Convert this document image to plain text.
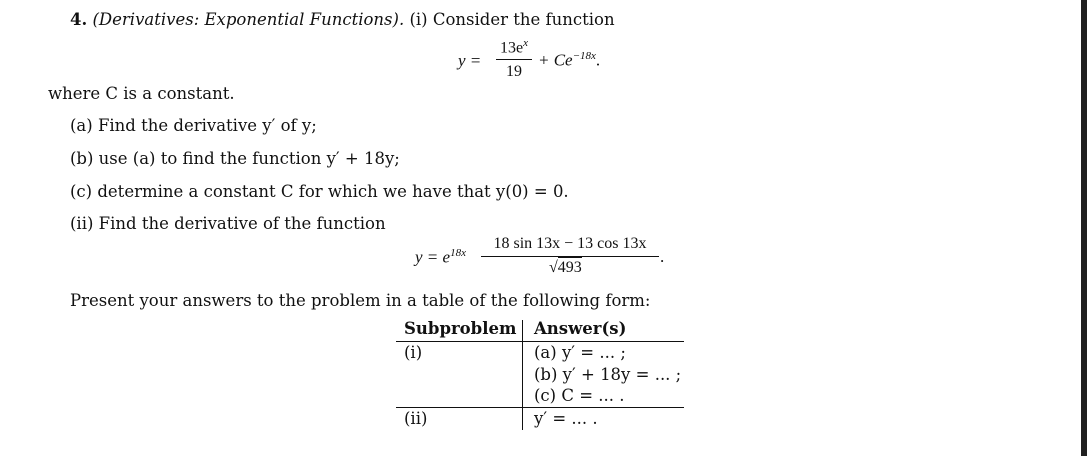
4. (Derivatives: Exponential Functions). (i) Consider the function
y =
$13e^x$
19
+ $Ce^{-18x}$.
where C is a constant.
(a) Find the derivative y′ of y;
(b) use (a) to find the function y′ + 18y;
(c) determine a constant C for which we have that y(0) = 0.
(ii) Find the derivative of the function
$y = e^{18x}$
18 sin 13x − 13 cos 13x
√493
.
Present your answers to the problem in a table of the following form:
Subproblem Answer(s)
(i)	(a) y′ = ... ;
(b) y′ + 18y = ... ;
(c) C = ... .
(ii)	y′ = ... .
